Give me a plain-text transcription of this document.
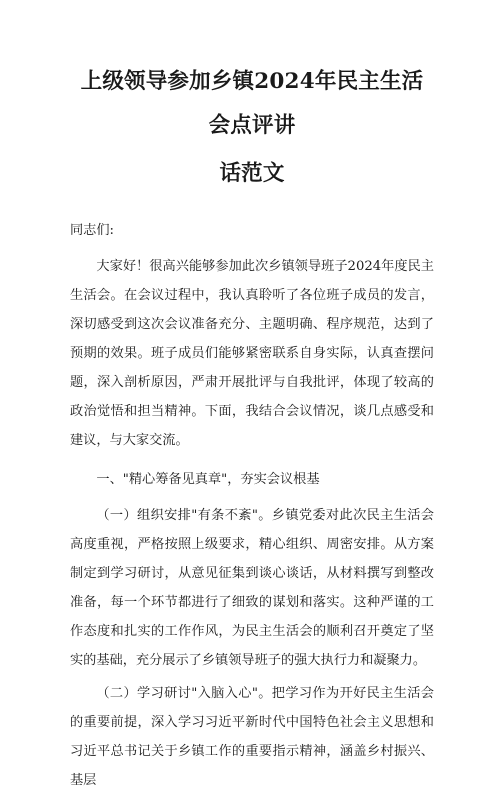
上级领导参加乡镇2024年民主生活会点评讲
话范文
同志们:

大家好！很高兴能够参加此次乡镇领导班子2024年度民主生活会。在会议过程中，我认真聆听了各位班子成员的发言，深切感受到这次会议准备充分、主题明确、程序规范，达到了预期的效果。班子成员们能够紧密联系自身实际，认真查摆问题，深入剖析原因，严肃开展批评与自我批评，体现了较高的政治觉悟和担当精神。下面，我结合会议情况，谈几点感受和建议，与大家交流。

一、"精心筹备见真章"，夯实会议根基

（一）组织安排"有条不紊"。乡镇党委对此次民主生活会高度重视，严格按照上级要求，精心组织、周密安排。从方案制定到学习研讨，从意见征集到谈心谈话，从材料撰写到整改准备，每一个环节都进行了细致的谋划和落实。这种严谨的工作态度和扎实的工作作风，为民主生活会的顺利召开奠定了坚实的基础，充分展示了乡镇领导班子的强大执行力和凝聚力。

（二）学习研讨"入脑入心"。把学习作为开好民主生活会的重要前提，深入学习习近平新时代中国特色社会主义思想和习近平总书记关于乡镇工作的重要指示精神，涵盖乡村振兴、基层
